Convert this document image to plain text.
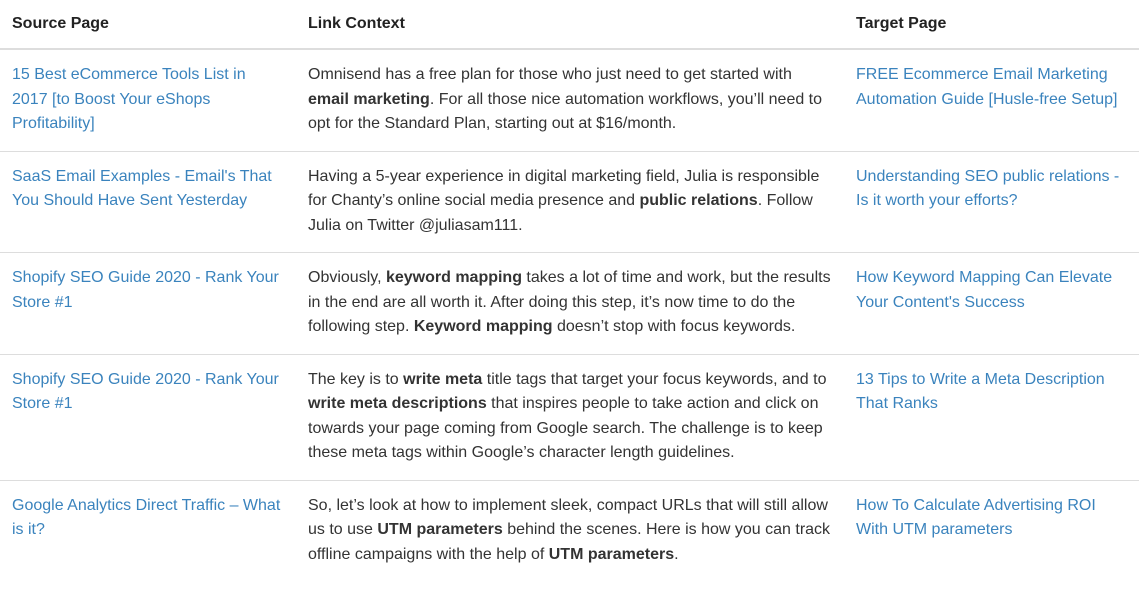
Source Page	Link Context	Target Page
15 Best eCommerce Tools List in 2017 [to Boost Your eShops Profitability]	Omnisend has a free plan for those who just need to get started with email marketing. For all those nice automation workflows, you’ll need to opt for the Standard Plan, starting out at $16/month.	FREE Ecommerce Email Marketing Automation Guide [Husle-free Setup]
SaaS Email Examples - Email's That You Should Have Sent Yesterday	Having a 5-year experience in digital marketing field, Julia is responsible for Chanty’s online social media presence and public relations. Follow Julia on Twitter @juliasam111.	Understanding SEO public relations - Is it worth your efforts?
Shopify SEO Guide 2020 - Rank Your Store #1	Obviously, keyword mapping takes a lot of time and work, but the results in the end are all worth it. After doing this step, it’s now time to do the following step. Keyword mapping doesn’t stop with focus keywords.	How Keyword Mapping Can Elevate Your Content's Success
Shopify SEO Guide 2020 - Rank Your Store #1	The key is to write meta title tags that target your focus keywords, and to write meta descriptions that inspires people to take action and click on towards your page coming from Google search. The challenge is to keep these meta tags within Google’s character length guidelines.	13 Tips to Write a Meta Description That Ranks
Google Analytics Direct Traffic – What is it?	So, let’s look at how to implement sleek, compact URLs that will still allow us to use UTM parameters behind the scenes. Here is how you can track offline campaigns with the help of UTM parameters.	How To Calculate Advertising ROI With UTM parameters
